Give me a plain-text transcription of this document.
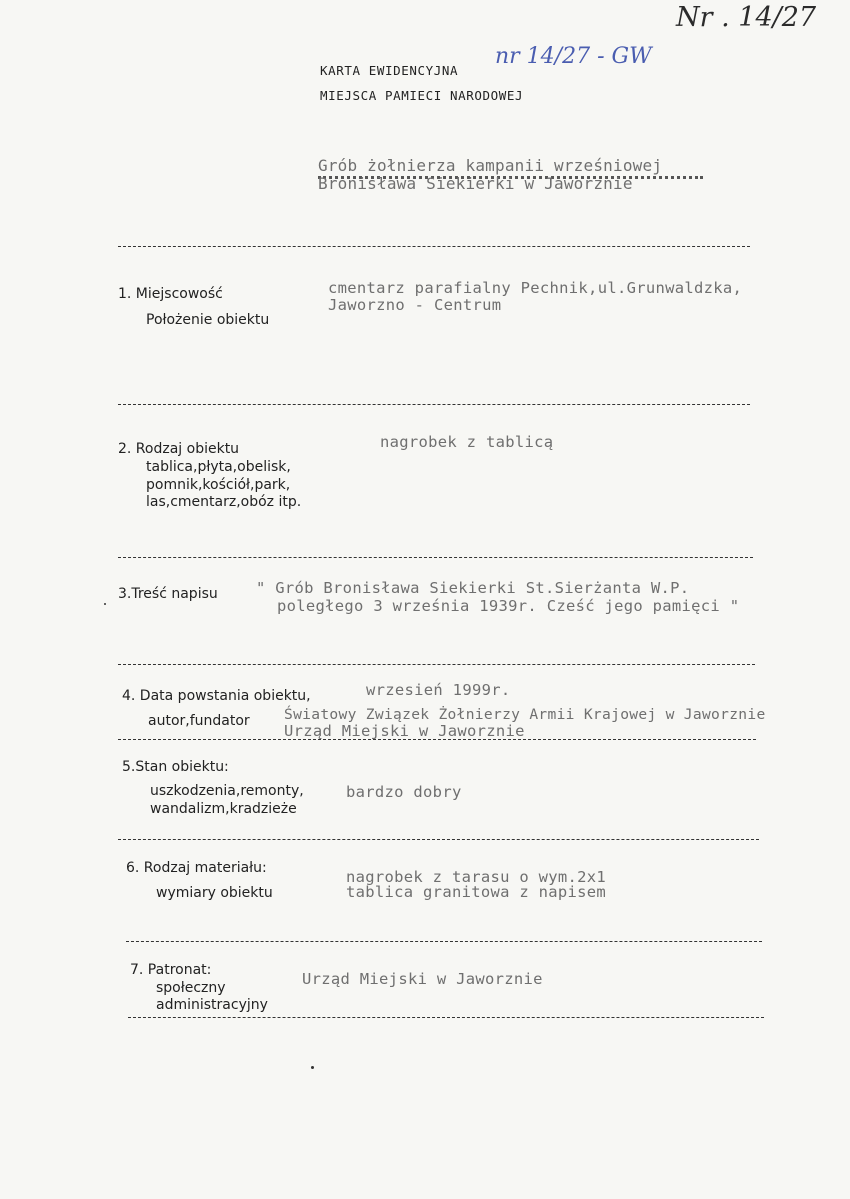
Nr . 14/27
nr 14/27 - GW
KARTA EWIDENCYJNA
MIEJSCA PAMIECI NARODOWEJ
Grób żołnierza kampanii wrześniowej
Bronisława Siekierki w Jaworznie
1. Miejscowość
Położenie obiektu
cmentarz parafialny Pechnik,ul.Grunwaldzka,
Jaworzno - Centrum
2. Rodzaj obiektu
tablica,płyta,obelisk,
pomnik,kościół,park,
las,cmentarz,obóz itp.
nagrobek z tablicą
3.Treść napisu " Grób Bronisława Siekierki St.Sierżanta W.P.
poległego 3 września 1939r. Cześć jego pamięci "
4. Data powstania obiektu,
autor,fundator
wrzesień 1999r.
Światowy Związek Żołnierzy Armii Krajowej w Jaworznie
Urząd Miejski w Jaworznie
5.Stan obiektu:
uszkodzenia,remonty,
wandalizm,kradzieże
bardzo dobry
6. Rodzaj materiału:
wymiary obiektu
nagrobek z tarasu o wym.2x1
tablica granitowa z napisem
7. Patronat:
społeczny
administracyjny
Urząd Miejski w Jaworznie
